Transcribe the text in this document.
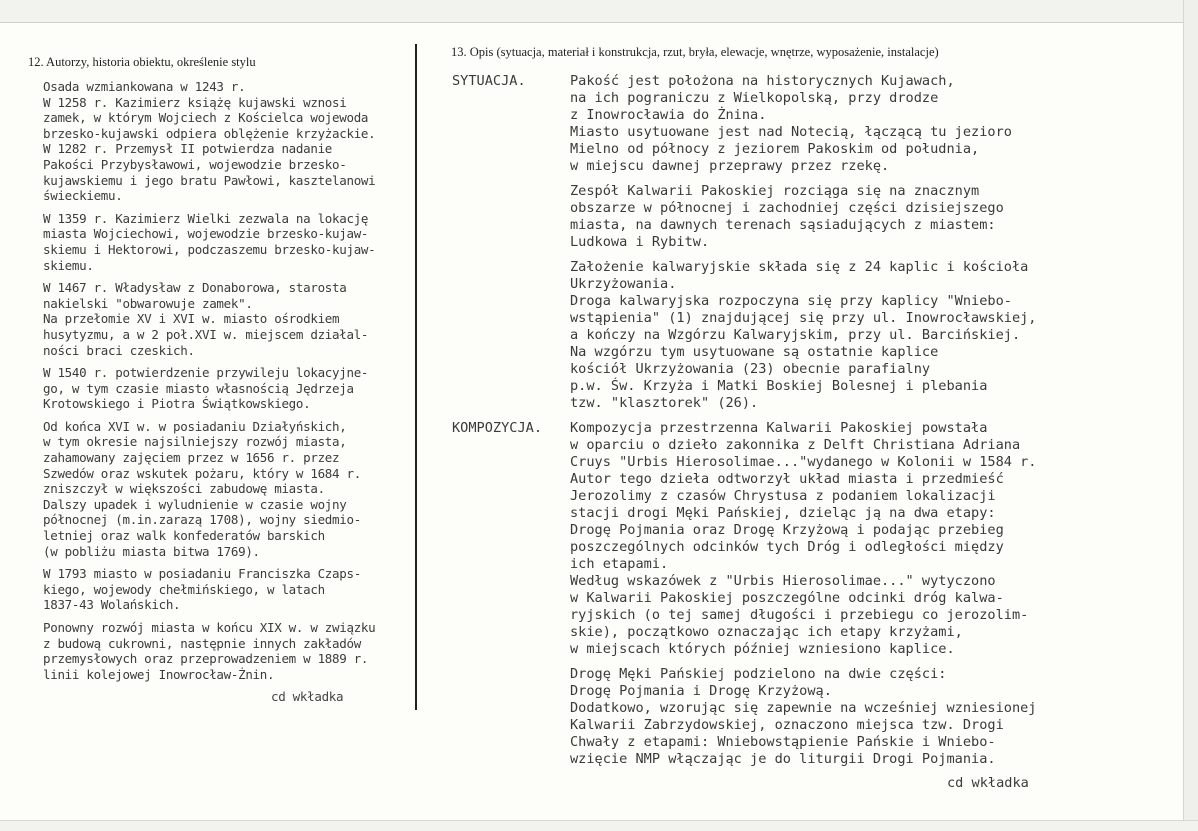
12. Autorzy, historia obiektu, określenie stylu
13. Opis (sytuacja, materiał i konstrukcja, rzut, bryła, elewacje, wnętrze, wyposażenie, instalacje)
Osada wzmiankowana w 1243 r.
W 1258 r. Kazimierz książę kujawski wznosi
zamek, w którym Wojciech z Kościelca wojewoda
brzesko-kujawski odpiera oblężenie krzyżackie.
W 1282 r. Przemysł II potwierdza nadanie
Pakości Przybysławowi, wojewodzie brzesko-
kujawskiemu i jego bratu Pawłowi, kasztelanowi
świeckiemu.
W 1359 r. Kazimierz Wielki zezwala na lokację
miasta Wojciechowi, wojewodzie brzesko-kujaw-
skiemu i Hektorowi, podczaszemu brzesko-kujaw-
skiemu.
W 1467 r. Władysław z Donaborowa, starosta
nakielski "obwarowuje zamek".
Na przełomie XV i XVI w. miasto ośrodkiem
husytyzmu, a w 2 poł.XVI w. miejscem działal-
ności braci czeskich.
W 1540 r. potwierdzenie przywileju lokacyjne-
go, w tym czasie miasto własnością Jędrzeja
Krotowskiego i Piotra Świątkowskiego.
Od końca XVI w. w posiadaniu Działyńskich,
w tym okresie najsilniejszy rozwój miasta,
zahamowany zajęciem przez w 1656 r. przez
Szwedów oraz wskutek pożaru, który w 1684 r.
zniszczył w większości zabudowę miasta.
Dalszy upadek i wyludnienie w czasie wojny
północnej (m.in.zarazą 1708), wojny siedmio-
letniej oraz walk konfederatów barskich
(w pobliżu miasta bitwa 1769).
W 1793 miasto w posiadaniu Franciszka Czaps-
kiego, wojewody chełmińskiego, w latach
1837-43 Wolańskich.
Ponowny rozwój miasta w końcu XIX w. w związku
z budową cukrowni, następnie innych zakładów
przemysłowych oraz przeprowadzeniem w 1889 r.
linii kolejowej Inowrocław-Żnin.
cd wkładka
SYTUACJA.	Pakość jest położona na historycznych Kujawach,
na ich pograniczu z Wielkopolską, przy drodze
z Inowrocławia do Żnina.
Miasto usytuowane jest nad Notecią, łączącą tu jezioro
Mielno od północy z jeziorem Pakoskim od południa,
w miejscu dawnej przeprawy przez rzekę.
Zespół Kalwarii Pakoskiej rozciąga się na znacznym
obszarze w północnej i zachodniej części dzisiejszego
miasta, na dawnych terenach sąsiadujących z miastem:
Ludkowa i Rybitw.
Założenie kalwaryjskie składa się z 24 kaplic i kościoła
Ukrzyżowania.
Droga kalwaryjska rozpoczyna się przy kaplicy "Wniebo-
wstąpienia" (1) znajdującej się przy ul. Inowrocławskiej,
a kończy na Wzgórzu Kalwaryjskim, przy ul. Barcińskiej.
Na wzgórzu tym usytuowane są ostatnie kaplice
kościół Ukrzyżowania (23) obecnie parafialny
p.w. Św. Krzyża i Matki Boskiej Bolesnej i plebania
tzw. "klasztorek" (26).
KOMPOZYCJA.	Kompozycja przestrzenna Kalwarii Pakoskiej powstała
w oparciu o dzieło zakonnika z Delft Christiana Adriana
Cruys "Urbis Hierosolimae..."wydanego w Kolonii w 1584 r.
Autor tego dzieła odtworzył układ miasta i przedmieść
Jerozolimy z czasów Chrystusa z podaniem lokalizacji
stacji drogi Męki Pańskiej, dzieląc ją na dwa etapy:
Drogę Pojmania oraz Drogę Krzyżową i podając przebieg
poszczególnych odcinków tych Dróg i odległości między
ich etapami.
Według wskazówek z "Urbis Hierosolimae..." wytyczono
w Kalwarii Pakoskiej poszczególne odcinki dróg kalwa-
ryjskich (o tej samej długości i przebiegu co jerozolim-
skie), początkowo oznaczając ich etapy krzyżami,
w miejscach których później wzniesiono kaplice.
Drogę Męki Pańskiej podzielono na dwie części:
Drogę Pojmania i Drogę Krzyżową.
Dodatkowo, wzorując się zapewnie na wcześniej wzniesionej
Kalwarii Zabrzydowskiej, oznaczono miejsca tzw. Drogi
Chwały z etapami: Wniebowstąpienie Pańskie i Wniebo-
wzięcie NMP włączając je do liturgii Drogi Pojmania.
cd wkładka
